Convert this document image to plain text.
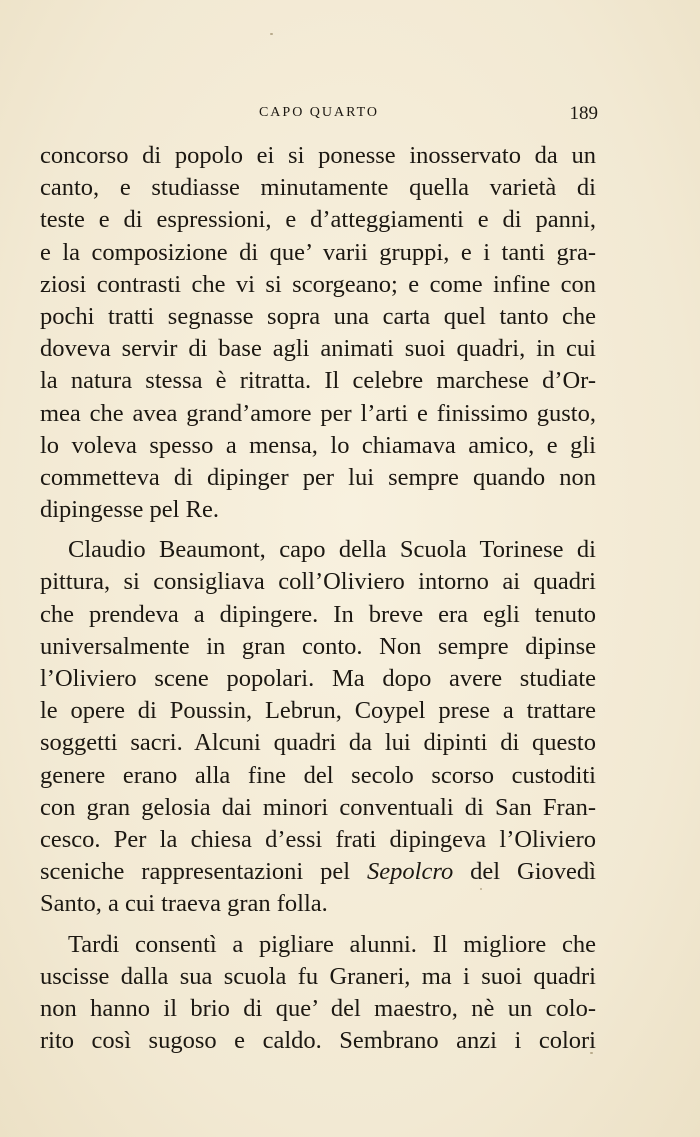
CAPO QUARTO	189
concorso di popolo ei si ponesse inosservato da un
canto, e studiasse minutamente quella varietà di
teste e di espressioni, e d’atteggiamenti e di panni,
e la composizione di que’ varii gruppi, e i tanti gra-
ziosi contrasti che vi si scorgeano; e come infine con
pochi tratti segnasse sopra una carta quel tanto che
doveva servir di base agli animati suoi quadri, in cui
la natura stessa è ritratta. Il celebre marchese d’Or-
mea che avea grand’amore per l’arti e finissimo gusto,
lo voleva spesso a mensa, lo chiamava amico, e gli
commetteva di dipinger per lui sempre quando non
dipingesse pel Re.
Claudio Beaumont, capo della Scuola Torinese di
pittura, si consigliava coll’Oliviero intorno ai quadri
che prendeva a dipingere. In breve era egli tenuto
universalmente in gran conto. Non sempre dipinse
l’Oliviero scene popolari. Ma dopo avere studiate
le opere di Poussin, Lebrun, Coypel prese a trattare
soggetti sacri. Alcuni quadri da lui dipinti di questo
genere erano alla fine del secolo scorso custoditi
con gran gelosia dai minori conventuali di San Fran-
cesco. Per la chiesa d’essi frati dipingeva l’Oliviero
sceniche rappresentazioni pel Sepolcro del Giovedì
Santo, a cui traeva gran folla.
Tardi consentì a pigliare alunni. Il migliore che
uscisse dalla sua scuola fu Graneri, ma i suoi quadri
non hanno il brio di que’ del maestro, nè un colo-
rito così sugoso e caldo. Sembrano anzi i colori
